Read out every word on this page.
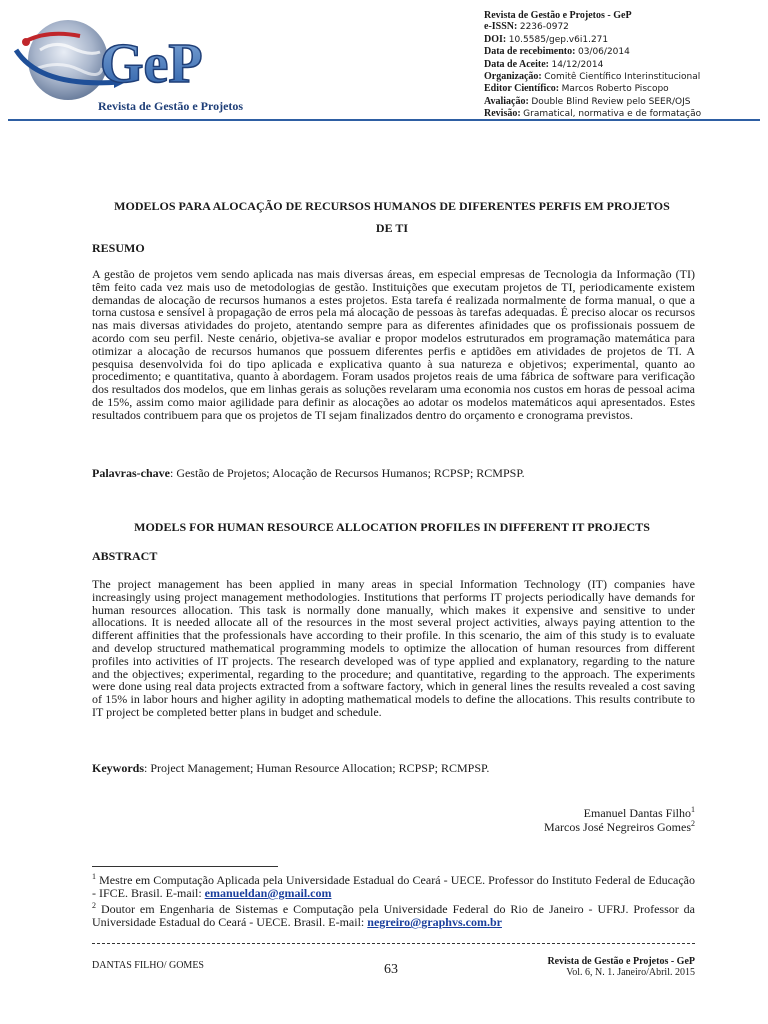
GeP
Revista de Gestão e Projetos
Revista de Gestão e Projetos - GeP
e-ISSN: 2236-0972
DOI: 10.5585/gep.v6i1.271
Data de recebimento: 03/06/2014
Data de Aceite: 14/12/2014
Organização: Comitê Científico Interinstitucional
Editor Científico: Marcos Roberto Piscopo
Avaliação: Double Blind Review pelo SEER/OJS
Revisão: Gramatical, normativa e de formatação
MODELOS PARA ALOCAÇÃO DE RECURSOS HUMANOS DE DIFERENTES PERFIS EM PROJETOS
DE TI
RESUMO
A gestão de projetos vem sendo aplicada nas mais diversas áreas, em especial empresas de Tecnologia da Informação (TI) têm feito cada vez mais uso de metodologias de gestão. Instituições que executam projetos de TI, periodicamente existem demandas de alocação de recursos humanos a estes projetos. Esta tarefa é realizada normalmente de forma manual, o que a torna custosa e sensível à propagação de erros pela má alocação de pessoas às tarefas adequadas. É preciso alocar os recursos nas mais diversas atividades do projeto, atentando sempre para as diferentes afinidades que os profissionais possuem de acordo com seu perfil. Neste cenário, objetiva-se avaliar e propor modelos estruturados em programação matemática para otimizar a alocação de recursos humanos que possuem diferentes perfis e aptidões em atividades de projetos de TI. A pesquisa desenvolvida foi do tipo aplicada e explicativa quanto à sua natureza e objetivos; experimental, quanto ao procedimento; e quantitativa, quanto à abordagem. Foram usados projetos reais de uma fábrica de software para verificação dos resultados dos modelos, que em linhas gerais as soluções revelaram uma economia nos custos em horas de pessoal acima de 15%, assim como maior agilidade para definir as alocações ao adotar os modelos matemáticos aqui apresentados. Estes resultados contribuem para que os projetos de TI sejam finalizados dentro do orçamento e cronograma previstos.
Palavras-chave: Gestão de Projetos; Alocação de Recursos Humanos; RCPSP; RCMPSP.
MODELS FOR HUMAN RESOURCE ALLOCATION PROFILES IN DIFFERENT IT PROJECTS
ABSTRACT
The project management has been applied in many areas in special Information Technology (IT) companies have increasingly using project management methodologies. Institutions that performs IT projects periodically have demands for human resources allocation. This task is normally done manually, which makes it expensive and sensitive to under allocations. It is needed allocate all of the resources in the most several project activities, always paying attention to the different affinities that the professionals have according to their profile. In this scenario, the aim of this study is to evaluate and develop structured mathematical programming models to optimize the allocation of human resources from different profiles into activities of IT projects. The research developed was of type applied and explanatory, regarding to the nature and the objectives; experimental, regarding to the procedure; and quantitative, regarding to the approach. The experiments were done using real data projects extracted from a software factory, which in general lines the results revealed a cost saving of 15% in labor hours and higher agility in adopting mathematical models to define the allocations. This results contribute to IT project be completed better plans in budget and schedule.
Keywords: Project Management; Human Resource Allocation; RCPSP; RCMPSP.
Emanuel Dantas Filho$^1$
Marcos José Negreiros Gomes$^2$
$^1$ Mestre em Computação Aplicada pela Universidade Estadual do Ceará - UECE. Professor do Instituto Federal de Educação - IFCE. Brasil. E-mail: emanueldan@gmail.com
$^2$ Doutor em Engenharia de Sistemas e Computação pela Universidade Federal do Rio de Janeiro - UFRJ. Professor da Universidade Estadual do Ceará - UECE. Brasil. E-mail: negreiro@graphvs.com.br
DANTAS FILHO/ GOMES	63
Revista de Gestão e Projetos - GeP
Vol. 6, N. 1. Janeiro/Abril. 2015
